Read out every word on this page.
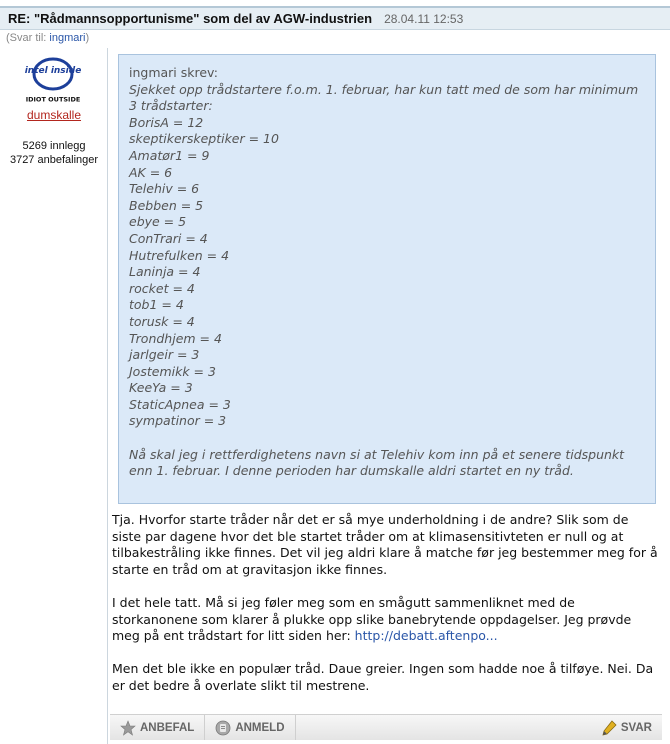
RE: "Rådmannsopportunisme" som del av AGW-industrien 28.04.11 12:53
(Svar til: ingmari)
intel inside
IDIOT OUTSIDE
dumskalle
5269 innlegg
3727 anbefalinger
ingmari skrev:
Sjekket opp trådstartere f.o.m. 1. februar, har kun tatt med de som har minimum 3 trådstarter:
BorisA = 12
skeptikerskeptiker = 10
Amatør1 = 9
AK = 6
Telehiv = 6
Bebben = 5
ebye = 5
ConTrari = 4
Hutrefulken = 4
Laninja = 4
rocket = 4
tob1 = 4
torusk = 4
Trondhjem = 4
jarlgeir = 3
Jostemikk = 3
KeeYa = 3
StaticApnea = 3
sympatinor = 3
Nå skal jeg i rettferdighetens navn si at Telehiv kom inn på et senere tidspunkt enn 1. februar. I denne perioden har dumskalle aldri startet en ny tråd.

Tja. Hvorfor starte tråder når det er så mye underholdning i de andre? Slik som de siste par dagene hvor det ble startet tråder om at klimasensitivteten er null og at tilbakestråling ikke finnes. Det vil jeg aldri klare å matche før jeg bestemmer meg for å starte en tråd om at gravitasjon ikke finnes.

I det hele tatt. Må si jeg føler meg som en smågutt sammenliknet med de storkanonene som klarer å plukke opp slike banebrytende oppdagelser. Jeg prøvde meg på ent trådstart for litt siden her: http://debatt.aftenpo...

Men det ble ikke en populær tråd. Daue greier. Ingen som hadde noe å tilføye. Nei. Da er det bedre å overlate slikt til mestrene.

ANBEFAL	ANMELD	SVAR
